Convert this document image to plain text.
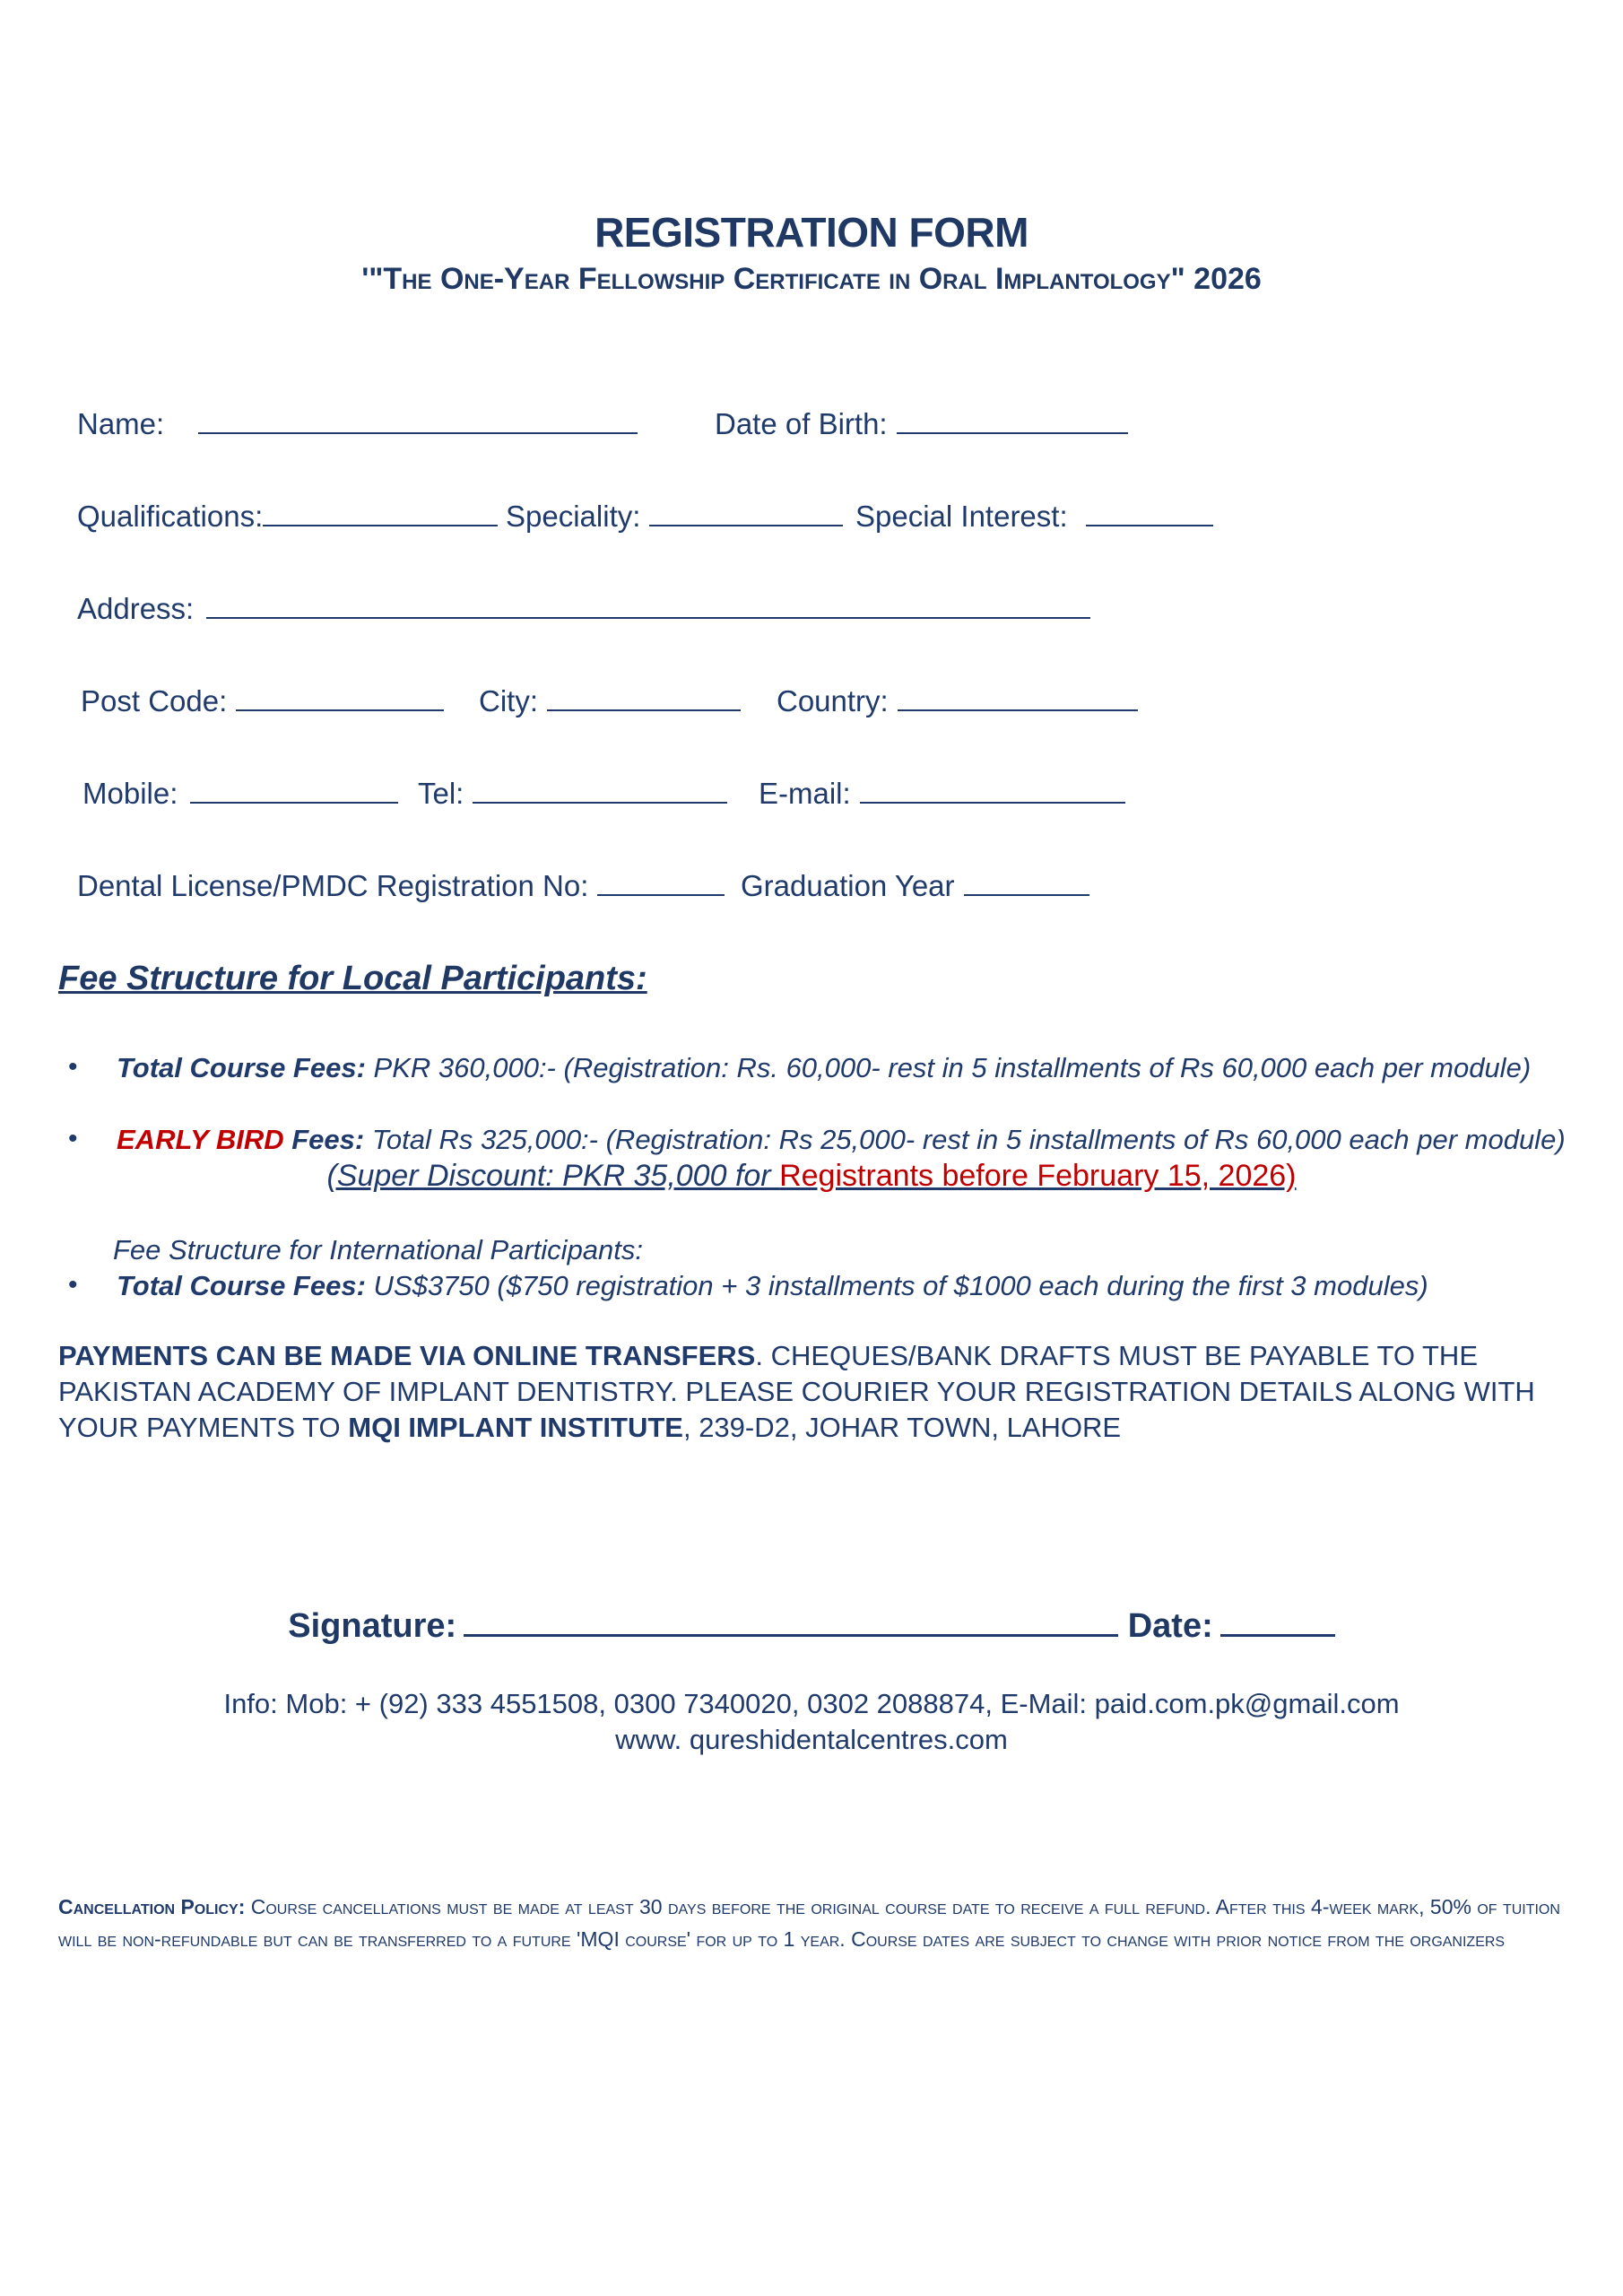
REGISTRATION FORM
'"The One-Year Fellowship Certificate in Oral Implantology" 2026
Name:	Date of Birth:
Qualifications:	Speciality:	Special Interest:
Address:
Post Code:	City:	Country:
Mobile:	Tel:	E-mail:
Dental License/PMDC Registration No:	Graduation Year
Fee Structure for Local Participants:
• Total Course Fees: PKR 360,000:- (Registration: Rs. 60,000- rest in 5 installments of Rs 60,000 each per module)
• EARLY BIRD Fees: Total Rs 325,000:- (Registration: Rs 25,000- rest in 5 installments of Rs 60,000 each per module)
(Super Discount: PKR 35,000 for Registrants before February 15, 2026)
Fee Structure for International Participants:
• Total Course Fees: US$3750 ($750 registration + 3 installments of $1000 each during the first 3 modules)
PAYMENTS CAN BE MADE VIA ONLINE TRANSFERS. CHEQUES/BANK DRAFTS MUST BE PAYABLE TO THE PAKISTAN ACADEMY OF IMPLANT DENTISTRY. PLEASE COURIER YOUR REGISTRATION DETAILS ALONG WITH YOUR PAYMENTS TO MQI IMPLANT INSTITUTE, 239-D2, JOHAR TOWN, LAHORE
Signature:	Date:
Info: Mob: + (92) 333 4551508, 0300 7340020, 0302 2088874, E-Mail: paid.com.pk@gmail.com
www. qureshidentalcentres.com
Cancellation Policy: Course cancellations must be made at least 30 days before the original course date to receive a full refund. After this 4-week mark, 50% of tuition will be non-refundable but can be transferred to a future 'MQI course' for up to 1 year. Course dates are subject to change with prior notice from the organizers
